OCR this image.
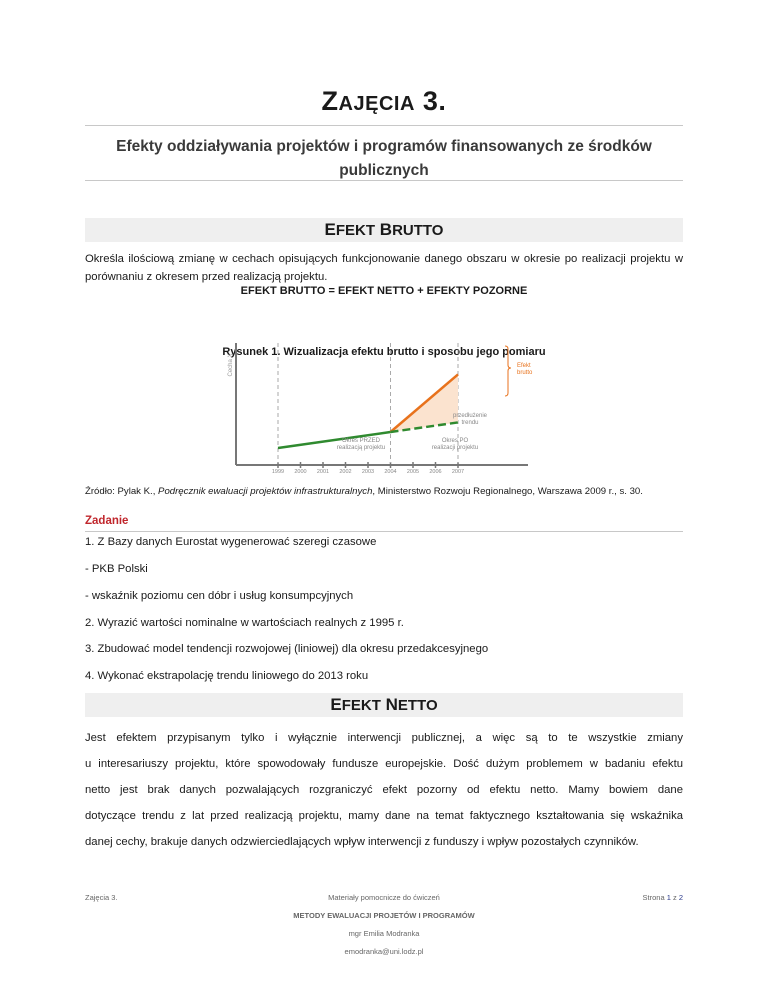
ZAJĘCIA 3.
Efekty oddziaływania projektów i programów finansowanych ze środków publicznych
EFEKT BRUTTO
Określa ilościową zmianę w cechach opisujących funkcjonowanie danego obszaru w okresie po realizacji projektu w porównaniu z okresem przed realizacją projektu.
EFEKT BRUTTO = EFEKT NETTO + EFEKTY POZORNE
Rysunek 1. Wizualizacja efektu brutto i sposobu jego pomiaru
Cecha X	Efekt
brutto
przedłużenie
trendu
Okres PRZED
realizacją projektu
Okres PO
realizacji projektu
1999 2000 2001 2002 2003 2004 2005 2006 2007
Źródło: Pylak K., Podręcznik ewaluacji projektów infrastrukturalnych, Ministerstwo Rozwoju Regionalnego, Warszawa 2009 r., s. 30.
Zadanie
1. Z Bazy danych Eurostat wygenerować szeregi czasowe
- PKB Polski
- wskaźnik poziomu cen dóbr i usług konsumpcyjnych
2. Wyrazić wartości nominalne w wartościach realnych z 1995 r.
3. Zbudować model tendencji rozwojowej (liniowej) dla okresu przedakcesyjnego
4. Wykonać ekstrapolację trendu liniowego do 2013 roku
EFEKT NETTO
Jest efektem przypisanym tylko i wyłącznie interwencji publicznej, a więc są to te wszystkie zmiany
u interesariuszy projektu, które spowodowały fundusze europejskie. Dość dużym problemem w badaniu efektu
netto jest brak danych pozwalających rozgraniczyć efekt pozorny od efektu netto. Mamy bowiem dane
dotyczące trendu z lat przed realizacją projektu, mamy dane na temat faktycznego kształtowania się wskaźnika
danej cechy, brakuje danych odzwierciedlających wpływ interwencji z funduszy i wpływ pozostałych czynników.
Zajęcia 3.	Materiały pomocnicze do ćwiczeń
METODY EWALUACJI PROJETÓW I PROGRAMÓW
mgr Emilia Modranka
emodranka@uni.lodz.pl
Strona 1 z 2
